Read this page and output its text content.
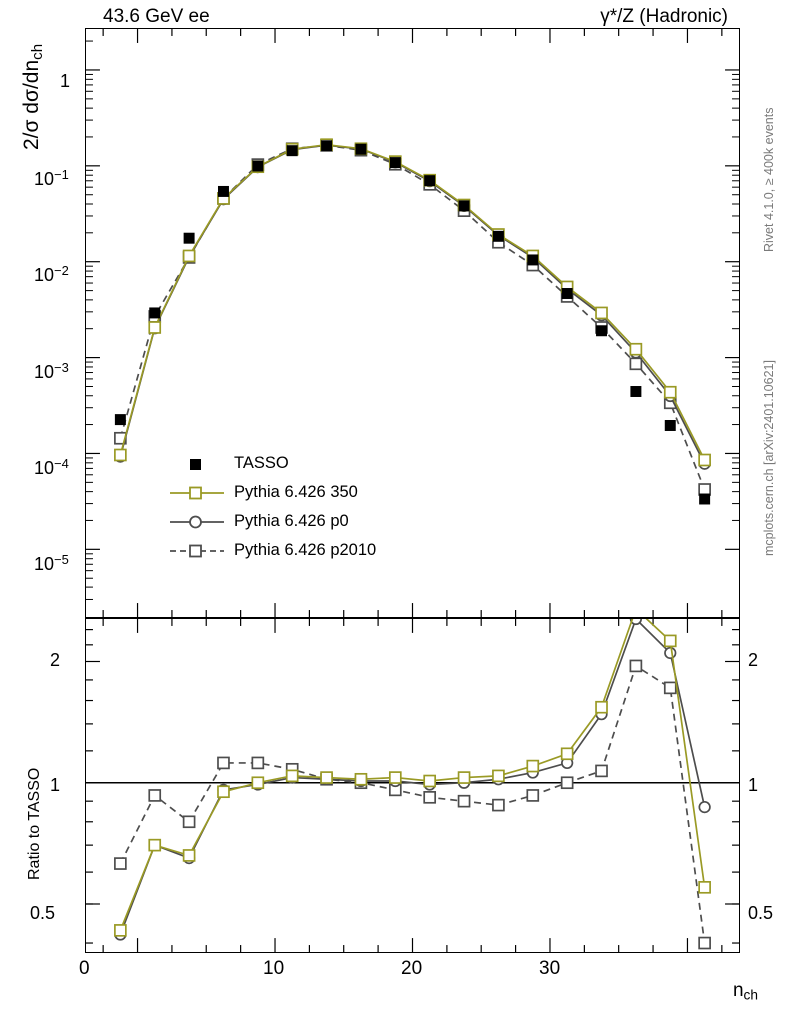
43.6 GeV ee	γ*/Z (Hadronic)
Rivet 4.1.0, ≥ 400k events
mcplots.cern.ch [arXiv:2401.10621]
2/σ $d\sigma/dn_{ch}$
Ratio to TASSO
$n_{ch}$
$10^{-5}$
$10^{-4}$
$10^{-3}$
$10^{-2}$
$10^{-1}$
1
TASSO
Pythia 6.426 350
Pythia 6.426 p0
Pythia 6.426 p2010
2
1
0.5
2
1
0.5
0	10	20	30
